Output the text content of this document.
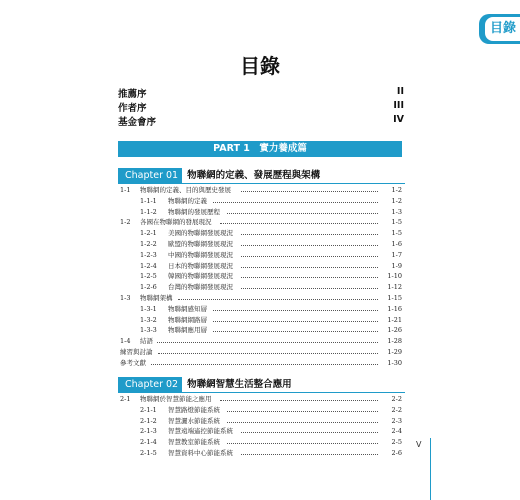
目錄
目錄
推薦序	II
作者序	III
基金會序	IV
PART 1　實力養成篇
Chapter 01 物聯網的定義、發展歷程與架構
1-1 物聯網的定義、目的與歷史發展	1-2
1-1-1 物聯網的定義	1-2
1-1-2 物聯網的發展歷程	1-3
1-2 各國在物聯網的發展現況	1-5
1-2-1 美國的物聯網發展現況	1-5
1-2-2 歐盟的物聯網發展現況	1-6
1-2-3 中國的物聯網發展現況	1-7
1-2-4 日本的物聯網發展現況	1-9
1-2-5 韓國的物聯網發展現況	1-10
1-2-6 台灣的物聯網發展現況	1-12
1-3 物聯網架構	1-15
1-3-1 物聯網感知層	1-16
1-3-2 物聯網網路層	1-21
1-3-3 物聯網應用層	1-26
1-4 結語	1-28
練習與討論	1-29
參考文獻	1-30
Chapter 02 物聯網智慧生活整合應用
2-1 物聯網於智慧節能之應用	2-2
2-1-1 智慧路燈節能系統	2-2
2-1-2 智慧灑水節能系統	2-3
2-1-3 智慧遠端遙控節能系統	2-4
2-1-4 智慧教室節能系統	2-5
2-1-5 智慧資料中心節能系統	2-6
V
